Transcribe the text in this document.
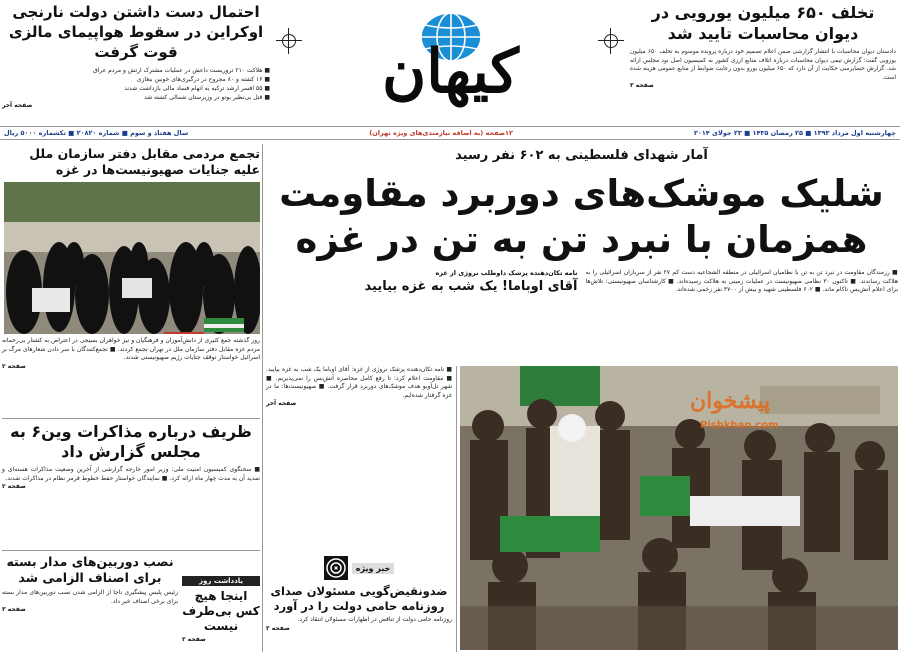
تخلف ۶۵۰ میلیون یورویی در دیوان محاسبات تایید شد
دادستان دیوان محاسبات با انتشار گزارشی ضمن اعلام تصمیم خود درباره پرونده موسوم به تخلف ۶۵۰ میلیون یورویی گفت: گزارش تیمی دیوان محاسبات درباره اتلاف منابع ارزی کشور به کمیسیون اصل نود مجلس ارائه شد. گزارش حسابرسی حکایت از آن دارد که ۶۵۰ میلیون یورو بدون رعایت ضوابط از منابع عمومی هزینه شده است.
صفحه ۳
کیهان
احتمال دست داشتن دولت نارنجی اوکراین در سقوط هواپیمای مالزی قوت گرفت
■ هلاکت ۲۱۰ تروریست داعش در عملیات مشترک ارتش و مردم عراق
■ ۱۶ کشته و ۸۰ مجروح در درگیری‌های خونین بنغازی
■ ۵۵ افسر ارشد ترکیه به اتهام فساد مالی بازداشت شدند
■ قتل بی‌نظیر بوتو در وزیرستان شمالی کشته شد
صفحه آخر
چهارشنبه اول مرداد ۱۳۹۳ ■ ۲۵ رمضان ۱۴۳۵ ■ ۲۳ جولای ۲۰۱۴
۱۲صفحه (به اضافه نیازمندی‌های ویژه تهران)
سال هفتاد و سوم ■ شماره ۲۰۸۲۰ ■ تکشماره ۵۰۰۰ ریال
آمار شهدای فلسطینی به ۶۰۲ نفر رسید
شلیک موشک‌های دوربرد مقاومت
همزمان با نبرد تن به تن در غزه
■ رزمندگان مقاومت در نبرد تن به تن با نظامیان اسرائیلی در منطقه الشجاعیه دست کم ۲۷ نفر از سربازان اسرائیلی را به هلاکت رساندند. ■ تاکنون ۳۰ نظامی صهیونیست در عملیات زمینی به هلاکت رسیده‌اند. ■ کارشناسان صهیونیستی: تلاش‌ها برای اعلام آتش‌بس ناکام ماند. ■ ۶۰۲ فلسطینی شهید و بیش از ۳۷۰۰ نفر زخمی شده‌اند.
نامه تکان‌دهنده پزشک داوطلب نروژی از غزه
آقای اوباما! یک شب به غزه بیایید
تجمع مردمی مقابل دفتر سازمان ملل علیه جنایات صهیونیست‌ها در غزه
روز گذشته جمع کثیری از دانش‌آموزان و فرهنگیان و نیز خواهران بسیجی در اعتراض به کشتار بی‌رحمانه مردم غزه مقابل دفتر سازمان ملل در تهران تجمع کردند. ■ تجمع‌کنندگان با سر دادن شعارهای مرگ بر اسرائیل خواستار توقف جنایات رژیم صهیونیستی شدند.
صفحه ۲
ظریف درباره مذاکرات وین۶ به مجلس گزارش داد
■ سخنگوی کمیسیون امنیت ملی: وزیر امور خارجه گزارشی از آخرین وضعیت مذاکرات هسته‌ای و تمدید آن به مدت چهار ماه ارائه کرد. ■ نمایندگان خواستار حفظ خطوط قرمز نظام در مذاکرات شدند.
صفحه ۲
نصب دوربین‌های مدار بسته برای اصناف الزامی شد
رئیس پلیس پیشگیری ناجا از الزامی شدن نصب دوربین‌های مدار بسته برای برخی اصناف خبر داد.
صفحه ۳
یادداشت روز
اینجا هیچ کس بی‌طرف نیست
صفحه ۲
خبر ویژه
ضدونقیض‌گویی مسئولان صدای روزنامه حامی دولت را در آورد
روزنامه حامی دولت از تناقض در اظهارات مسئولان انتقاد کرد.
صفحه ۲
■ نامه تکان‌دهنده پزشک نروژی از غزه: آقای اوباما یک شب به غزه بیایید. ■ مقاومت اعلام کرد: تا رفع کامل محاصره آتش‌بس را نمی‌پذیریم. ■ شهر تل‌آویو هدف موشک‌های دوربرد قرار گرفت. ■ صهیونیست‌ها: ما در غزه گرفتار شده‌ایم.
صفحه آخر	پیشخوان
Pishkhan.com
